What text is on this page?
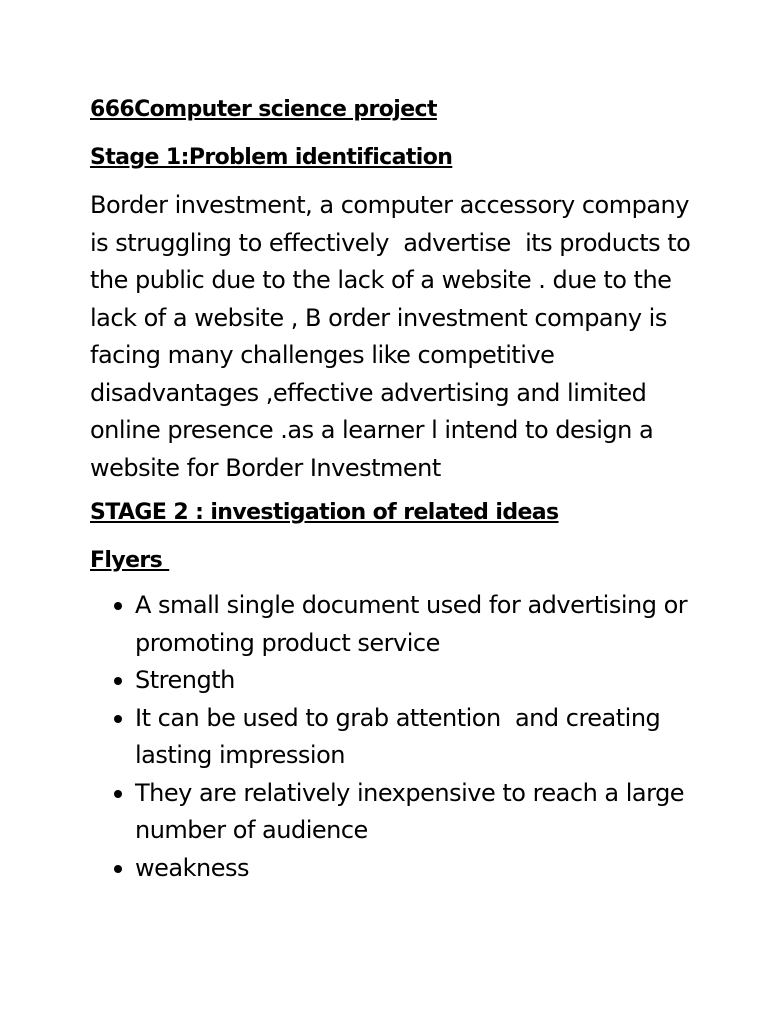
666Computer science project
Stage 1:Problem identification
Border investment, a computer accessory company
is struggling to effectively  advertise  its products to
the public due to the lack of a website . due to the
lack of a website , B order investment company is
facing many challenges like competitive
disadvantages ,effective advertising and limited
online presence .as a learner l intend to design a
website for Border Investment
STAGE 2 : investigation of related ideas
Flyers
A small single document used for advertising or
promoting product service
Strength
It can be used to grab attention  and creating
lasting impression
They are relatively inexpensive to reach a large
number of audience
weakness
